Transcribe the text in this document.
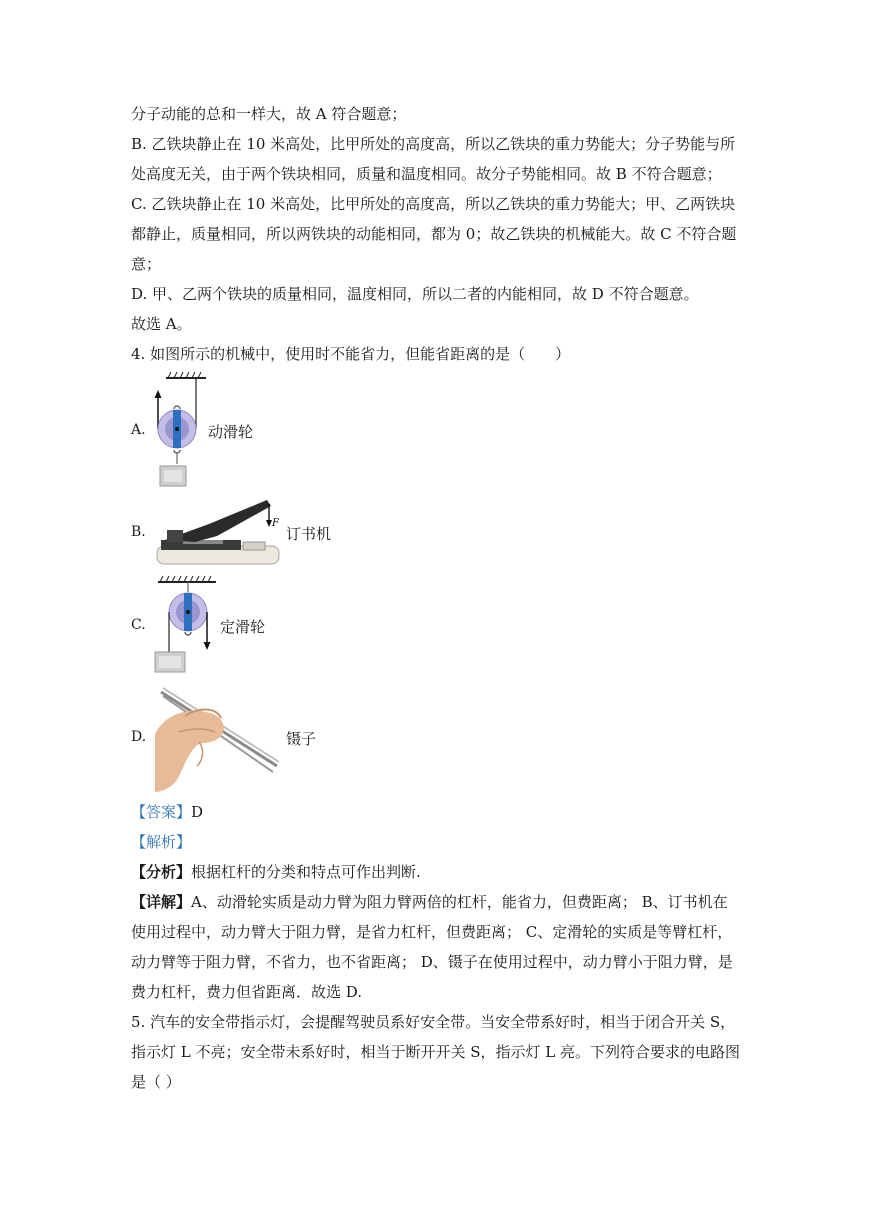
分子动能的总和一样大，故 A 符合题意；
B. 乙铁块静止在 10 米高处，比甲所处的高度高，所以乙铁块的重力势能大；分子势能与所
处高度无关，由于两个铁块相同，质量和温度相同。故分子势能相同。故 B 不符合题意；
C. 乙铁块静止在 10 米高处，比甲所处的高度高，所以乙铁块的重力势能大；甲、乙两铁块
都静止，质量相同，所以两铁块的动能相同，都为 0；故乙铁块的机械能大。故 C 不符合题
意；
D. 甲、乙两个铁块的质量相同，温度相同，所以二者的内能相同，故 D 不符合题意。
故选 A。
4. 如图所示的机械中，使用时不能省力，但能省距离的是（　　）
A.	动滑轮
B.
F
订书机
C.	定滑轮
D.	镊子
【答案】D
【解析】
【分析】根据杠杆的分类和特点可作出判断.
【详解】A、动滑轮实质是动力臂为阻力臂两倍的杠杆，能省力，但费距离； B、订书机在
使用过程中，动力臂大于阻力臂，是省力杠杆，但费距离； C、定滑轮的实质是等臂杠杆，
动力臂等于阻力臂，不省力，也不省距离； D、镊子在使用过程中，动力臂小于阻力臂，是
费力杠杆，费力但省距离．故选 D.
5. 汽车的安全带指示灯，会提醒驾驶员系好安全带。当安全带系好时，相当于闭合开关 S，
指示灯 L 不亮；安全带未系好时，相当于断开开关 S，指示灯 L 亮。下列符合要求的电路图
是（ ）
